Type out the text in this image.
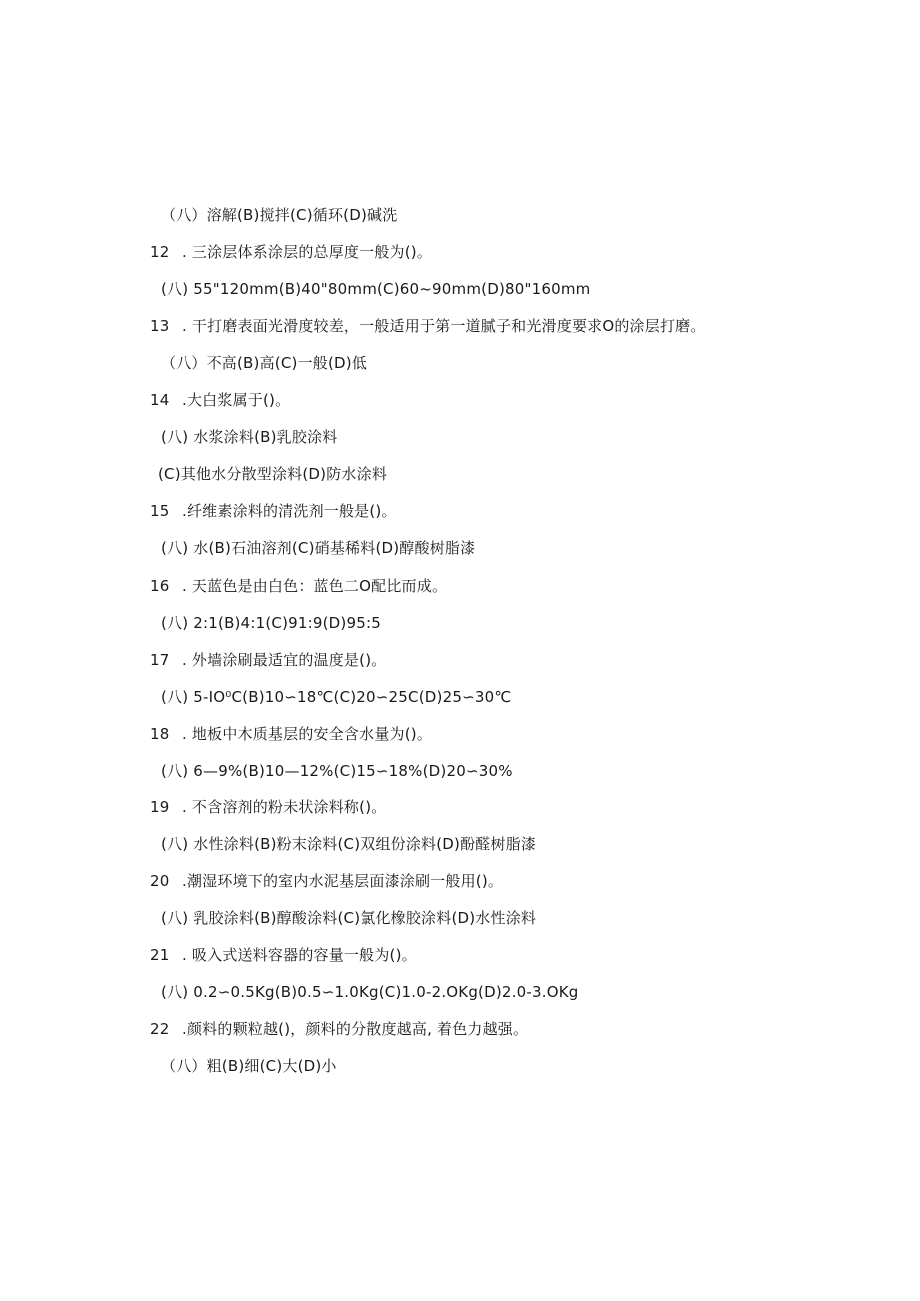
（八）溶解(B)搅拌(C)循环(D)碱洗
12 . 三涂层体系涂层的总厚度一般为()。
(八) 55"120mm(B)40"80mm(C)60~90mm(D)80"160mm
13 . 干打磨表面光滑度较差，一般适用于第一道腻子和光滑度要求O的涂层打磨。
（八）不高(B)高(C)一般(D)低
14 .大白浆属于()。
(八) 水浆涂料(B)乳胶涂料
(C)其他水分散型涂料(D)防水涂料
15 .纤维素涂料的清洗剂一般是()。
(八) 水(B)石油溶剂(C)硝基稀料(D)醇酸树脂漆
16 . 天蓝色是由白色：蓝色二O配比而成。
(八) 2:1(B)4:1(C)91:9(D)95:5
17 . 外墙涂刷最适宜的温度是()。
(八) 5-IO⁰C(B)10∽18℃(C)20∽25C(D)25∽30℃
18 . 地板中木质基层的安全含水量为()。
(八) 6—9%(B)10—12%(C)15∽18%(D)20∽30%
19 . 不含溶剂的粉未状涂料称()。
(八) 水性涂料(B)粉末涂料(C)双组份涂料(D)酚醛树脂漆
20 .潮湿环境下的室内水泥基层面漆涂刷一般用()。
(八) 乳胶涂料(B)醇酸涂料(C)氯化橡胶涂料(D)水性涂料
21 . 吸入式送料容器的容量一般为()。
(八) 0.2∽0.5Kg(B)0.5∽1.0Kg(C)1.0-2.OKg(D)2.0-3.OKg
22 .颜料的颗粒越()，颜料的分散度越高, 着色力越强。
（八）粗(B)细(C)大(D)小
